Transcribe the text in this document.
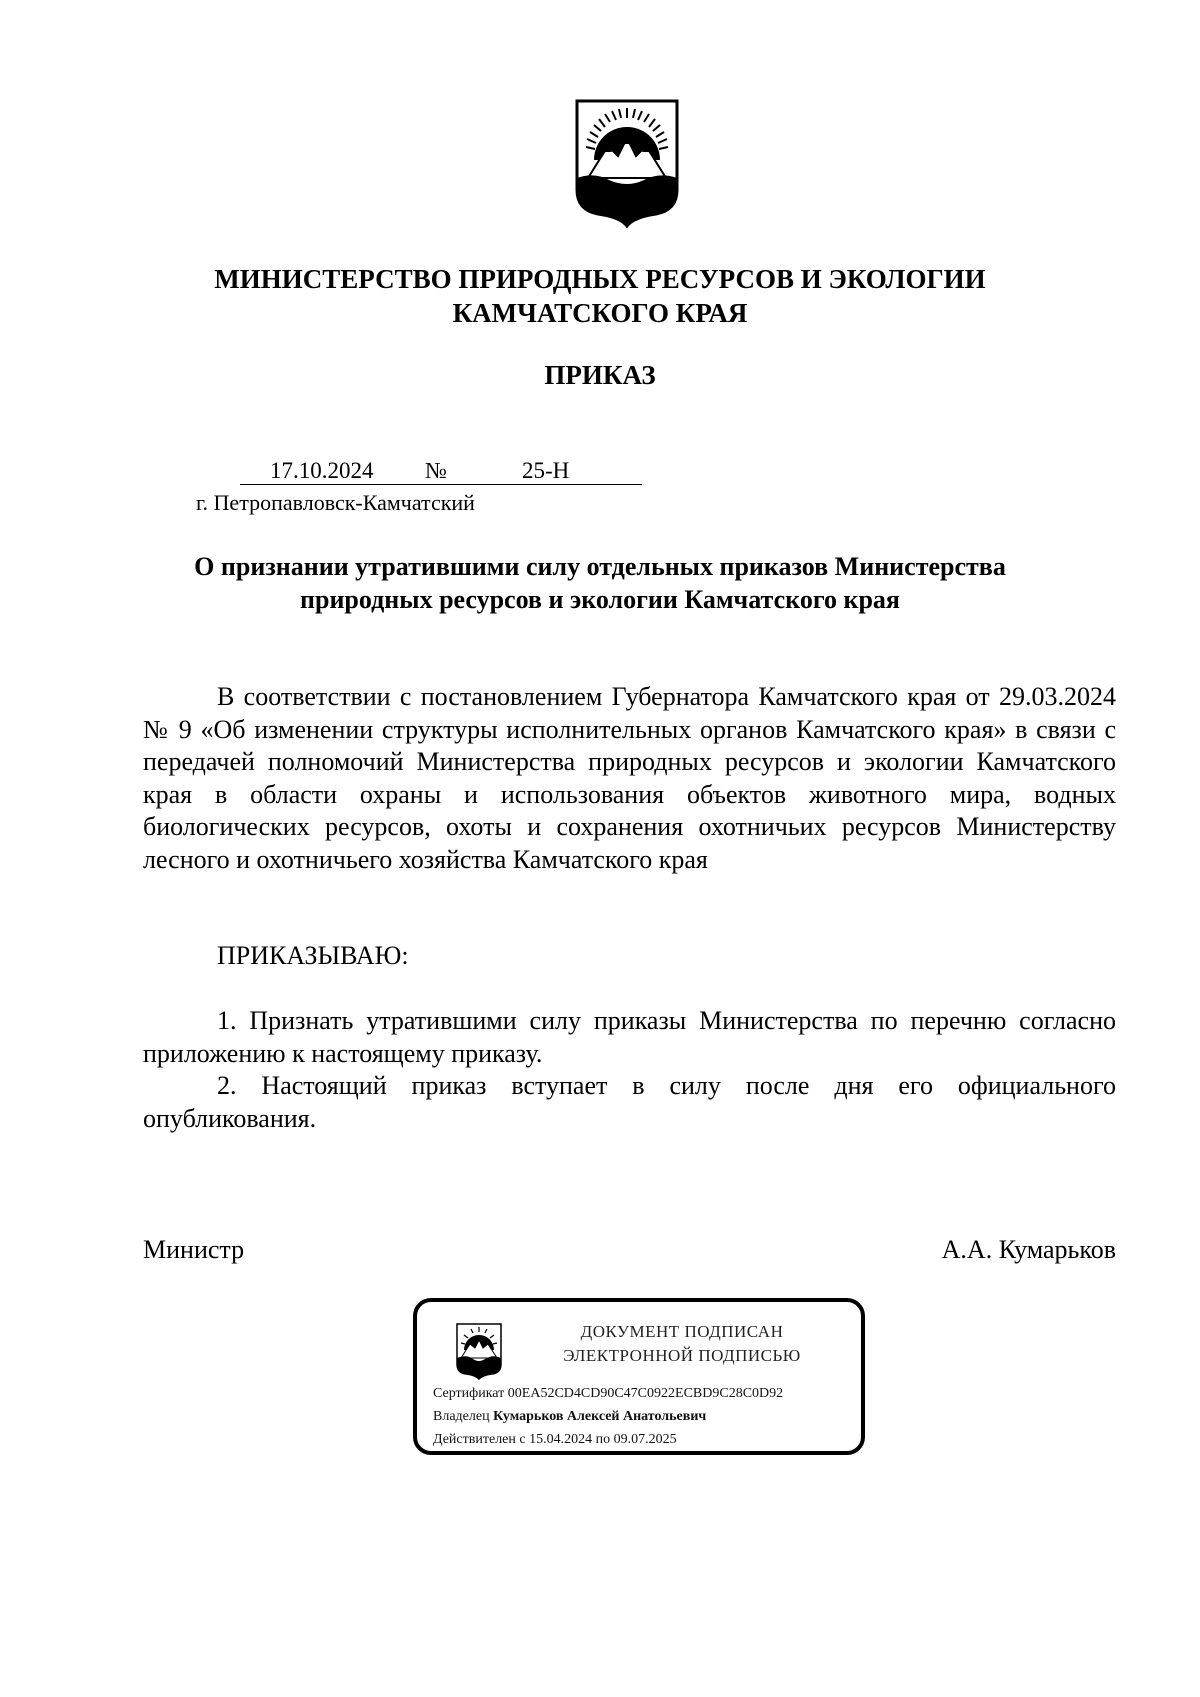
МИНИСТЕРСТВО ПРИРОДНЫХ РЕСУРСОВ И ЭКОЛОГИИ
КАМЧАТСКОГО КРАЯ
ПРИКАЗ
17.10.2024 №	25-Н
г. Петропавловск-Камчатский
О признании утратившими силу отдельных приказов Министерства
природных ресурсов и экологии Камчатского края

В соответствии с постановлением Губернатора Камчатского края от 29.03.2024 № 9 «Об изменении структуры исполнительных органов Камчатского края» в связи с передачей полномочий Министерства природных ресурсов и экологии Камчатского края в области охраны и использования объектов животного мира, водных биологических ресурсов, охоты и сохранения охотничьих ресурсов Министерству лесного и охотничьего хозяйства Камчатского края

ПРИКАЗЫВАЮ:

1. Признать утратившими силу приказы Министерства по перечню согласно приложению к настоящему приказу.

2. Настоящий приказ вступает в силу после дня его официального опубликования.

Министр	А.А. Кумарьков
ДОКУМЕНТ ПОДПИСАН
ЭЛЕКТРОННОЙ ПОДПИСЬЮ
Сертификат 00EA52CD4CD90C47C0922ECBD9C28C0D92
Владелец Кумарьков Алексей Анатольевич
Действителен с 15.04.2024 по 09.07.2025
